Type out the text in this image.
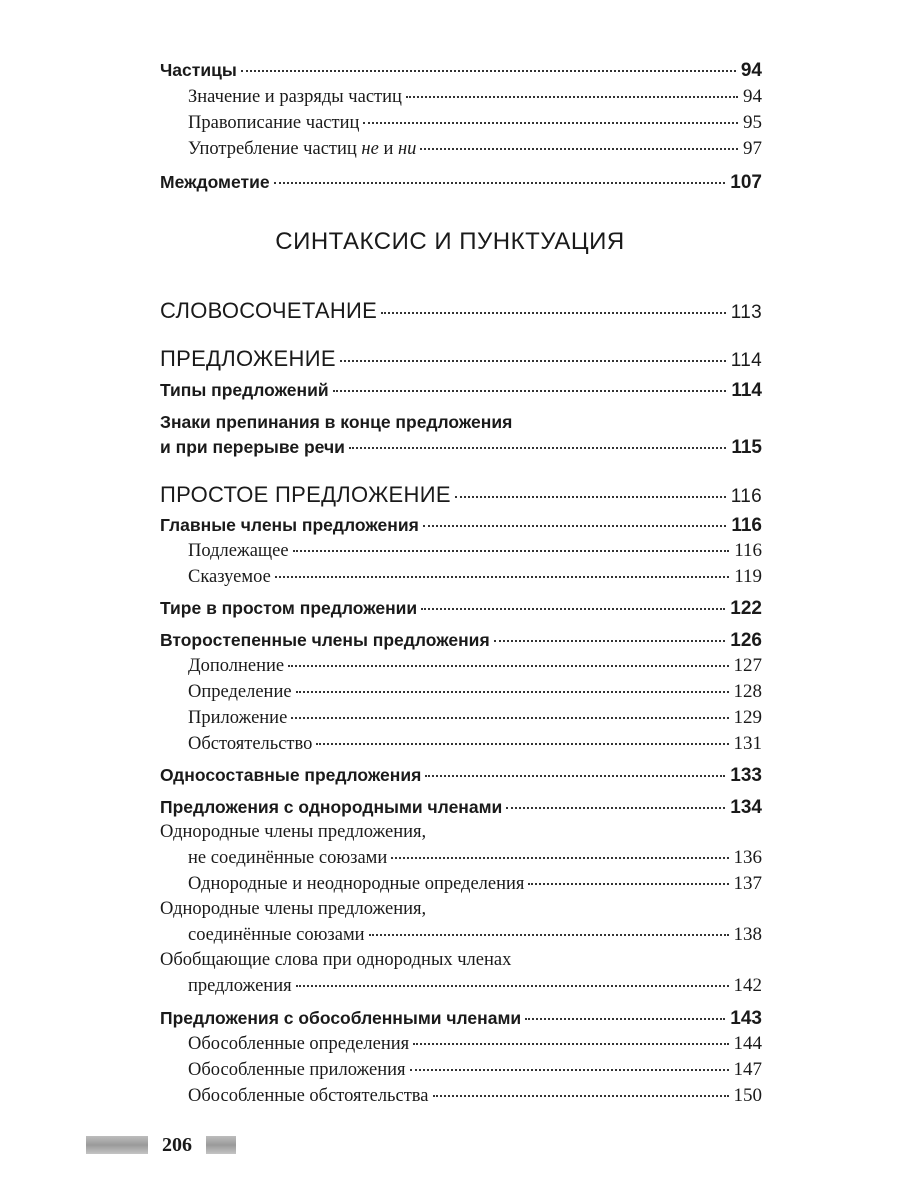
Частицы	94
Значение и разряды частиц	94
Правописание частиц	95
Употребление частиц не и ни	97
Междометие	107
СЛОВОСОЧЕТАНИЕ	113
ПРЕДЛОЖЕНИЕ	114
Типы предложений	114
Знаки препинания в конце предложения
и при перерыве речи	115
ПРОСТОЕ ПРЕДЛОЖЕНИЕ	116
Главные члены предложения	116
Подлежащее	116
Сказуемое	119
Тире в простом предложении	122
Второстепенные члены предложения	126
Дополнение	127
Определение	128
Приложение	129
Обстоятельство	131
Односоставные предложения	133
Предложения с однородными членами	134
Однородные члены предложения,
не соединённые союзами	136
Однородные и неоднородные определения	137
Однородные члены предложения,
соединённые союзами	138
Обобщающие слова при однородных членах
предложения	142
Предложения с обособленными членами	143
Обособленные определения	144
Обособленные приложения	147
Обособленные обстоятельства	150
СИНТАКСИС И ПУНКТУАЦИЯ
206
